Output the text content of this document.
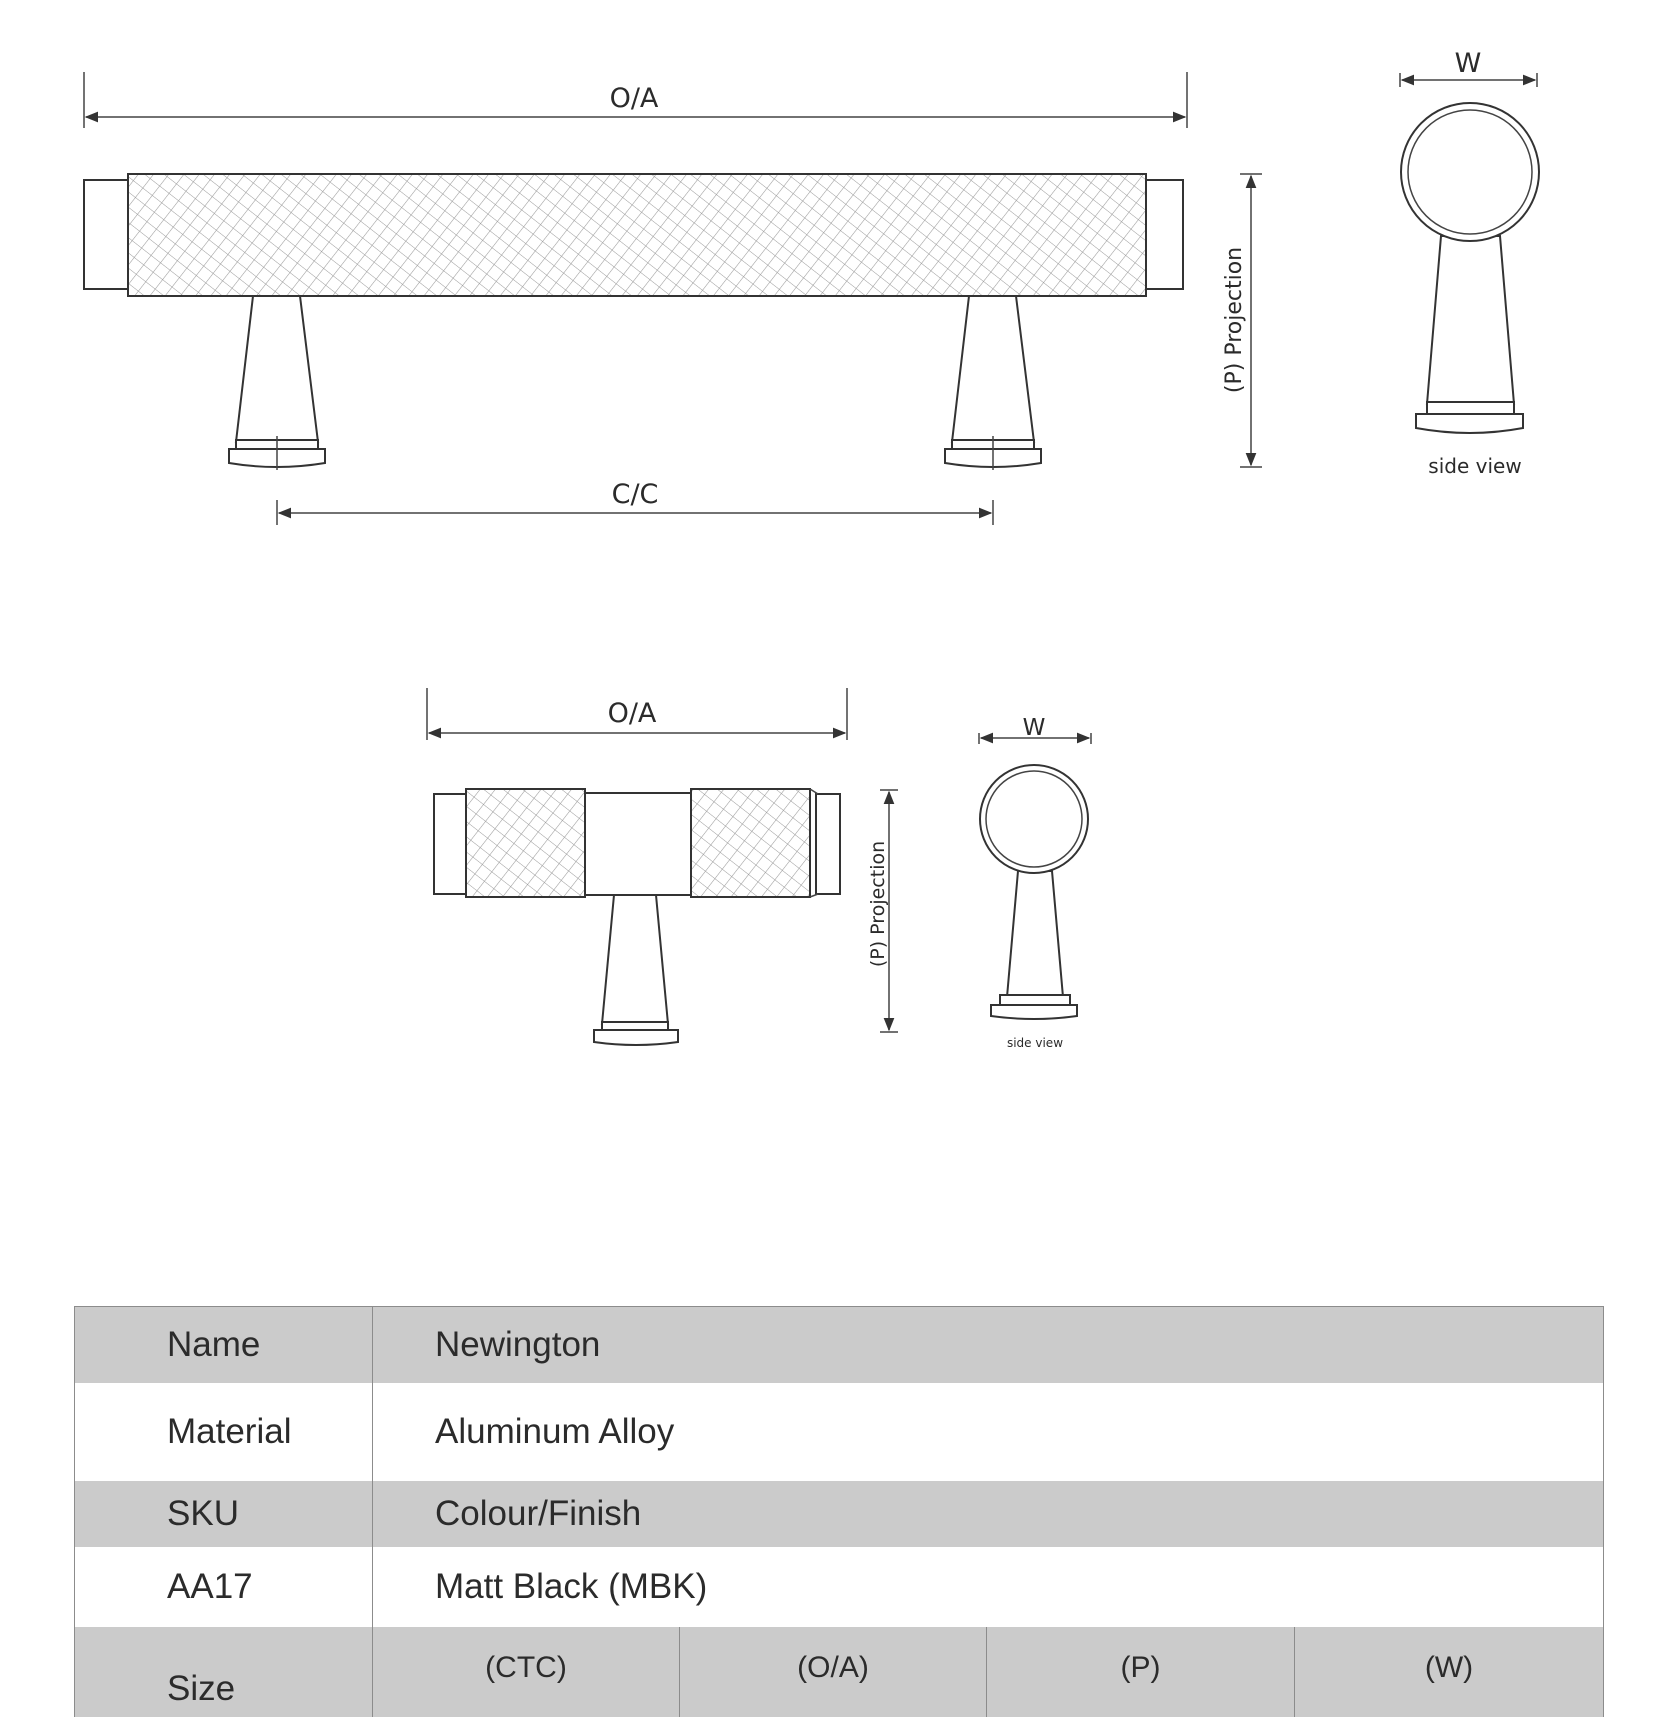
O/A
C/C
(P) Projection
W
side view
O/A
(P) Projection
W
side view
Name	Newington			
Material	Aluminum Alloy			
SKU	Colour/Finish			
AA17	Matt Black (MBK)			
Size	(CTC)	(O/A)	(P)	(W)
